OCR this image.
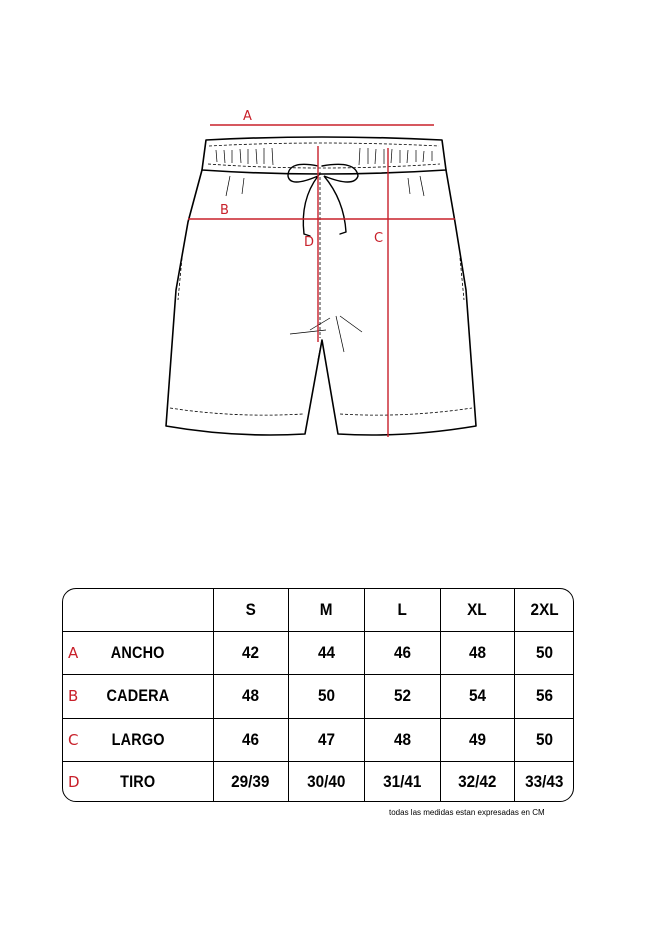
A
B
C
D
	S	M	L	XL	2XL

A ANCHO	42	44	46	48	50

B CADERA	48	50	52	54	56

C LARGO	46	47	48	49	50

D TIRO	29/39	30/40	31/41	32/42	33/43
todas las medidas estan expresadas en CM
